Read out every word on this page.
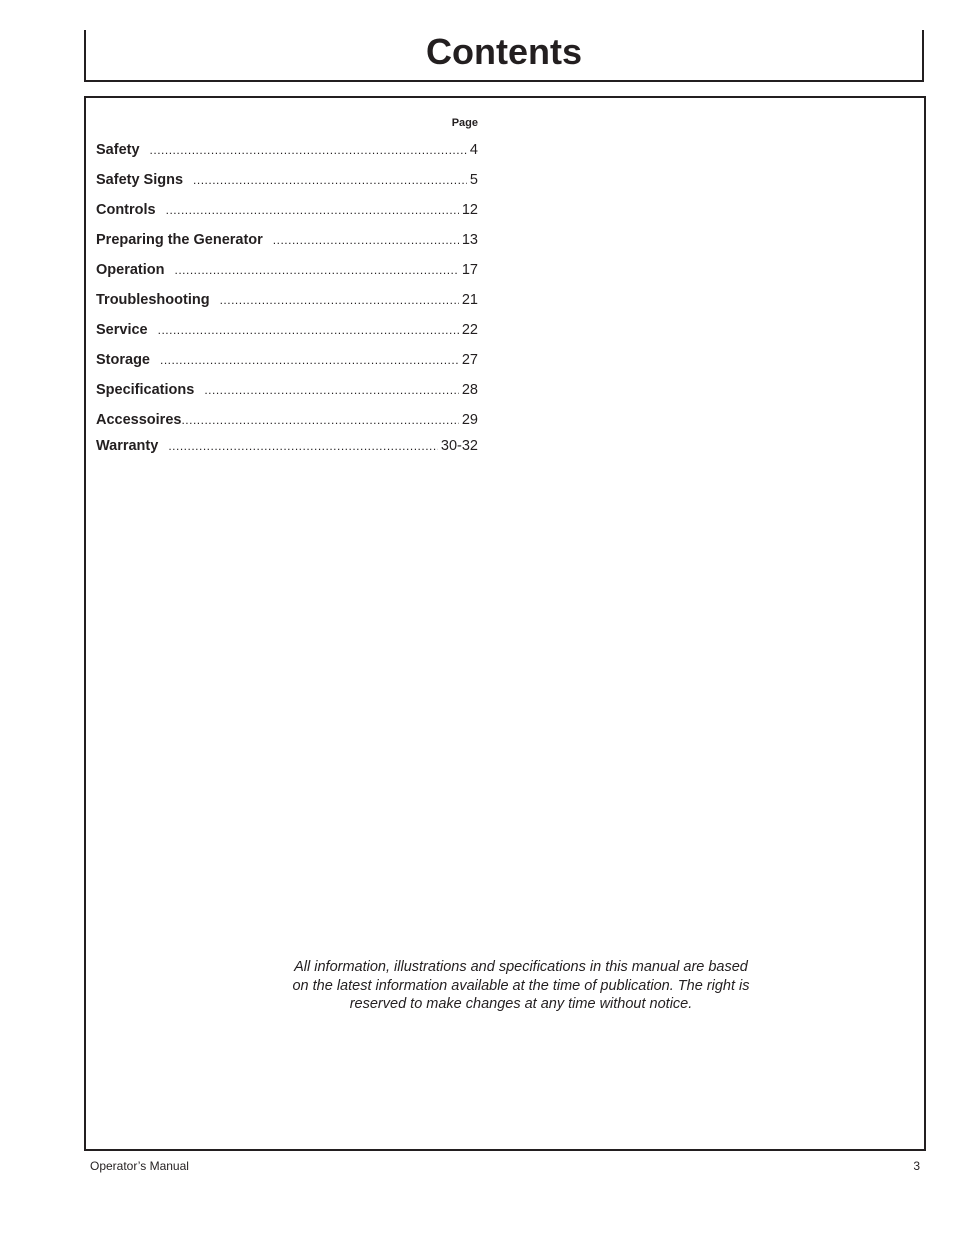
Contents
Page
Safety .....	4
Safety Signs .....	5
Controls .....	12
Preparing the Generator .....	13
Operation .....	17
Troubleshooting .....	21
Service .....	22
Storage .....	27
Specifications .....	28
Accessoires .....	29
Warranty .....	30-32
All information, illustrations and specifications in this manual are based
on the latest information available at the time of publication. The right is
reserved to make changes at any time without notice.
Operator’s Manual	3
